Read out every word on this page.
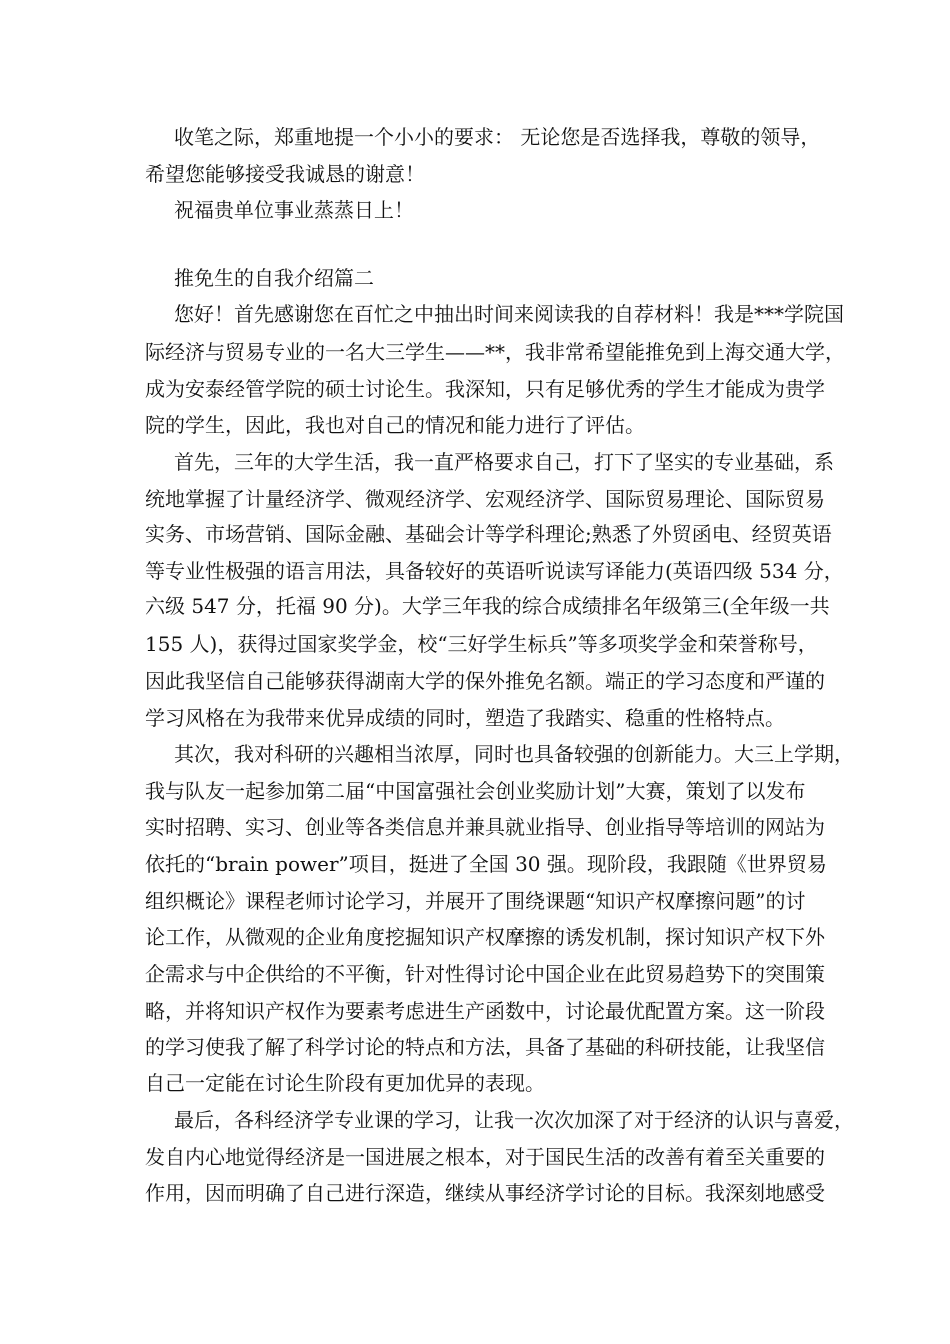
收笔之际，郑重地提一个小小的要求： 无论您是否选择我，尊敬的领导，
希望您能够接受我诚恳的谢意！
祝福贵单位事业蒸蒸日上！
推免生的自我介绍篇二
您好！首先感谢您在百忙之中抽出时间来阅读我的自荐材料！我是***学院国
际经济与贸易专业的一名大三学生——**，我非常希望能推免到上海交通大学，
成为安泰经管学院的硕士讨论生。我深知，只有足够优秀的学生才能成为贵学
院的学生，因此，我也对自己的情况和能力进行了评估。
首先，三年的大学生活，我一直严格要求自己，打下了坚实的专业基础，系
统地掌握了计量经济学、微观经济学、宏观经济学、国际贸易理论、国际贸易
实务、市场营销、国际金融、基础会计等学科理论;熟悉了外贸函电、经贸英语
等专业性极强的语言用法，具备较好的英语听说读写译能力(英语四级 534 分，
六级 547 分，托福 90 分)。大学三年我的综合成绩排名年级第三(全年级一共
155 人)，获得过国家奖学金，校“三好学生标兵”等多项奖学金和荣誉称号，
因此我坚信自己能够获得湖南大学的保外推免名额。端正的学习态度和严谨的
学习风格在为我带来优异成绩的同时，塑造了我踏实、稳重的性格特点。
其次，我对科研的兴趣相当浓厚，同时也具备较强的创新能力。大三上学期，
我与队友一起参加第二届“中国富强社会创业奖励计划”大赛，策划了以发布
实时招聘、实习、创业等各类信息并兼具就业指导、创业指导等培训的网站为
依托的“brain power”项目，挺进了全国 30 强。现阶段，我跟随《世界贸易
组织概论》课程老师讨论学习，并展开了围绕课题“知识产权摩擦问题”的讨
论工作，从微观的企业角度挖掘知识产权摩擦的诱发机制，探讨知识产权下外
企需求与中企供给的不平衡，针对性得讨论中国企业在此贸易趋势下的突围策
略，并将知识产权作为要素考虑进生产函数中，讨论最优配置方案。这一阶段
的学习使我了解了科学讨论的特点和方法，具备了基础的科研技能，让我坚信
自己一定能在讨论生阶段有更加优异的表现。
最后，各科经济学专业课的学习，让我一次次加深了对于经济的认识与喜爱，
发自内心地觉得经济是一国进展之根本，对于国民生活的改善有着至关重要的
作用，因而明确了自己进行深造，继续从事经济学讨论的目标。我深刻地感受
